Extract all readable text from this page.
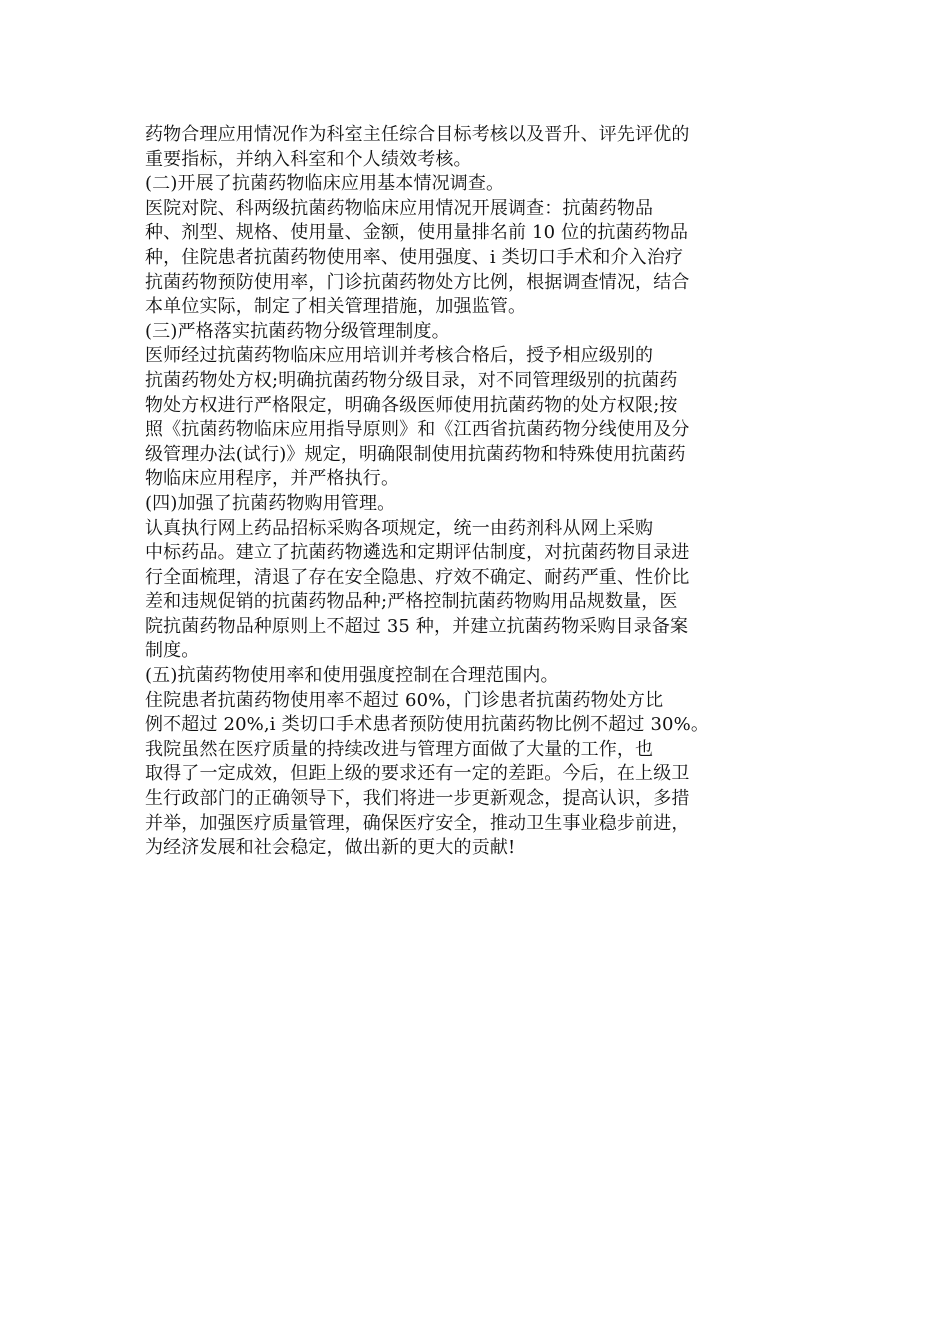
药物合理应用情况作为科室主任综合目标考核以及晋升、评先评优的
重要指标，并纳入科室和个人绩效考核。
(二)开展了抗菌药物临床应用基本情况调查。
医院对院、科两级抗菌药物临床应用情况开展调查：抗菌药物品
种、剂型、规格、使用量、金额，使用量排名前 10 位的抗菌药物品
种，住院患者抗菌药物使用率、使用强度、i 类切口手术和介入治疗
抗菌药物预防使用率，门诊抗菌药物处方比例，根据调查情况，结合
本单位实际，制定了相关管理措施，加强监管。
(三)严格落实抗菌药物分级管理制度。
医师经过抗菌药物临床应用培训并考核合格后，授予相应级别的
抗菌药物处方权;明确抗菌药物分级目录，对不同管理级别的抗菌药
物处方权进行严格限定，明确各级医师使用抗菌药物的处方权限;按
照《抗菌药物临床应用指导原则》和《江西省抗菌药物分线使用及分
级管理办法(试行)》规定，明确限制使用抗菌药物和特殊使用抗菌药
物临床应用程序，并严格执行。
(四)加强了抗菌药物购用管理。
认真执行网上药品招标采购各项规定，统一由药剂科从网上采购
中标药品。建立了抗菌药物遴选和定期评估制度，对抗菌药物目录进
行全面梳理，清退了存在安全隐患、疗效不确定、耐药严重、性价比
差和违规促销的抗菌药物品种;严格控制抗菌药物购用品规数量，医
院抗菌药物品种原则上不超过 35 种，并建立抗菌药物采购目录备案
制度。
(五)抗菌药物使用率和使用强度控制在合理范围内。
住院患者抗菌药物使用率不超过 60%，门诊患者抗菌药物处方比
例不超过 20%,i 类切口手术患者预防使用抗菌药物比例不超过 30%。
我院虽然在医疗质量的持续改进与管理方面做了大量的工作，也
取得了一定成效，但距上级的要求还有一定的差距。今后，在上级卫
生行政部门的正确领导下，我们将进一步更新观念，提高认识，多措
并举，加强医疗质量管理，确保医疗安全，推动卫生事业稳步前进，
为经济发展和社会稳定，做出新的更大的贡献!
